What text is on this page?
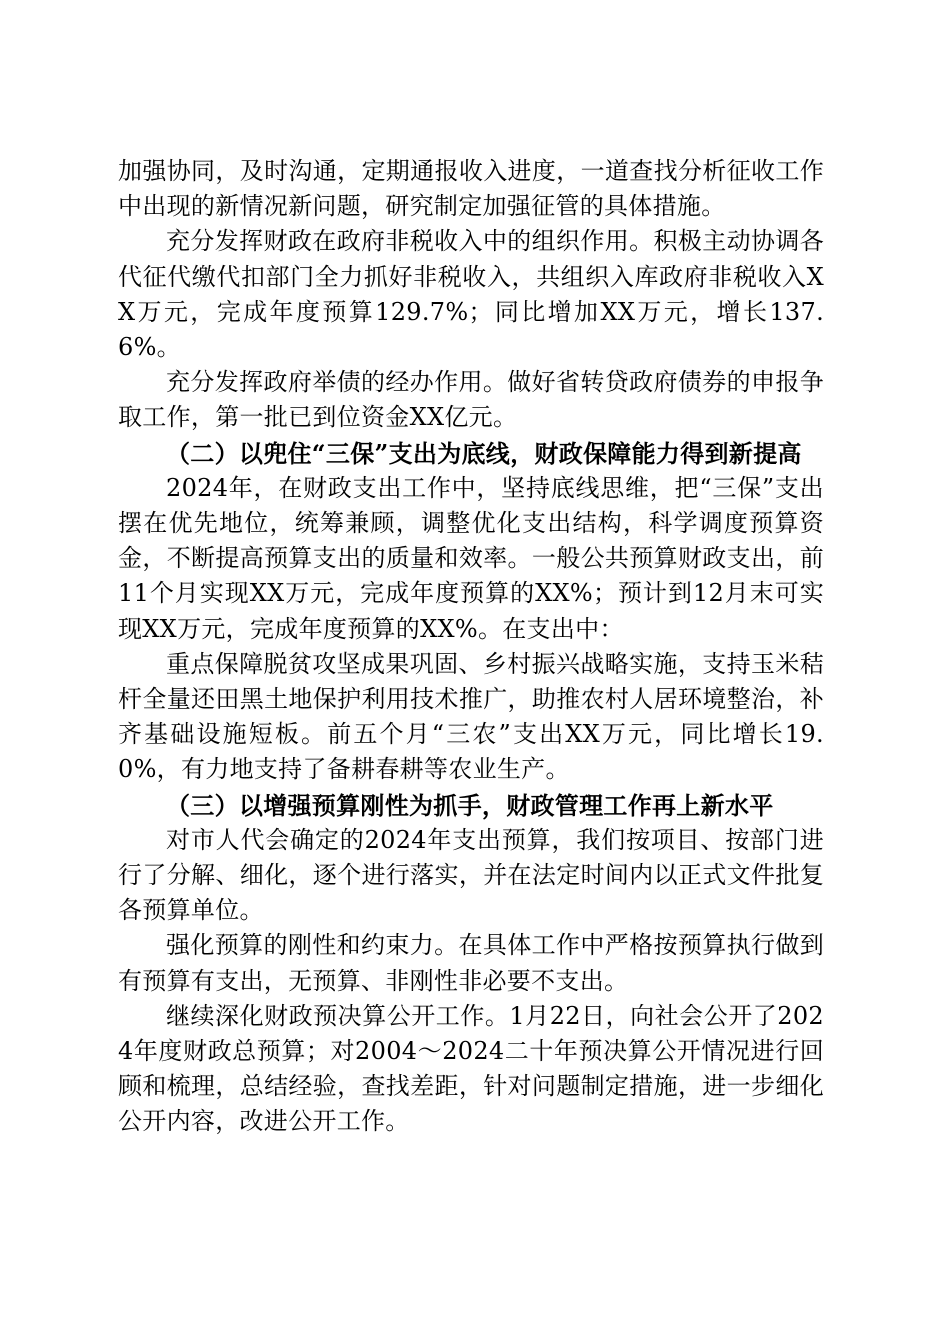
加强协同，及时沟通，定期通报收入进度，一道查找分析征收工作中出现的新情况新问题，研究制定加强征管的具体措施。

充分发挥财政在政府非税收入中的组织作用。积极主动协调各代征代缴代扣部门全力抓好非税收入，共组织入库政府非税收入XX万元，完成年度预算129.7%；同比增加XX万元，增长137.6%。

充分发挥政府举债的经办作用。做好省转贷政府债券的申报争取工作，第一批已到位资金XX亿元。

（二）以兜住“三保”支出为底线，财政保障能力得到新提高

2024年，在财政支出工作中，坚持底线思维，把“三保”支出摆在优先地位，统筹兼顾，调整优化支出结构，科学调度预算资金，不断提高预算支出的质量和效率。一般公共预算财政支出，前11个月实现XX万元，完成年度预算的XX%；预计到12月末可实现XX万元，完成年度预算的XX%。在支出中：

重点保障脱贫攻坚成果巩固、乡村振兴战略实施，支持玉米秸杆全量还田黑土地保护利用技术推广，助推农村人居环境整治，补齐基础设施短板。前五个月“三农”支出XX万元，同比增长19.0%，有力地支持了备耕春耕等农业生产。

（三）以增强预算刚性为抓手，财政管理工作再上新水平

对市人代会确定的2024年支出预算，我们按项目、按部门进行了分解、细化，逐个进行落实，并在法定时间内以正式文件批复各预算单位。

强化预算的刚性和约束力。在具体工作中严格按预算执行做到有预算有支出，无预算、非刚性非必要不支出。

继续深化财政预决算公开工作。1月22日，向社会公开了2024年度财政总预算；对2004～2024二十年预决算公开情况进行回顾和梳理，总结经验，查找差距，针对问题制定措施，进一步细化公开内容，改进公开工作。
